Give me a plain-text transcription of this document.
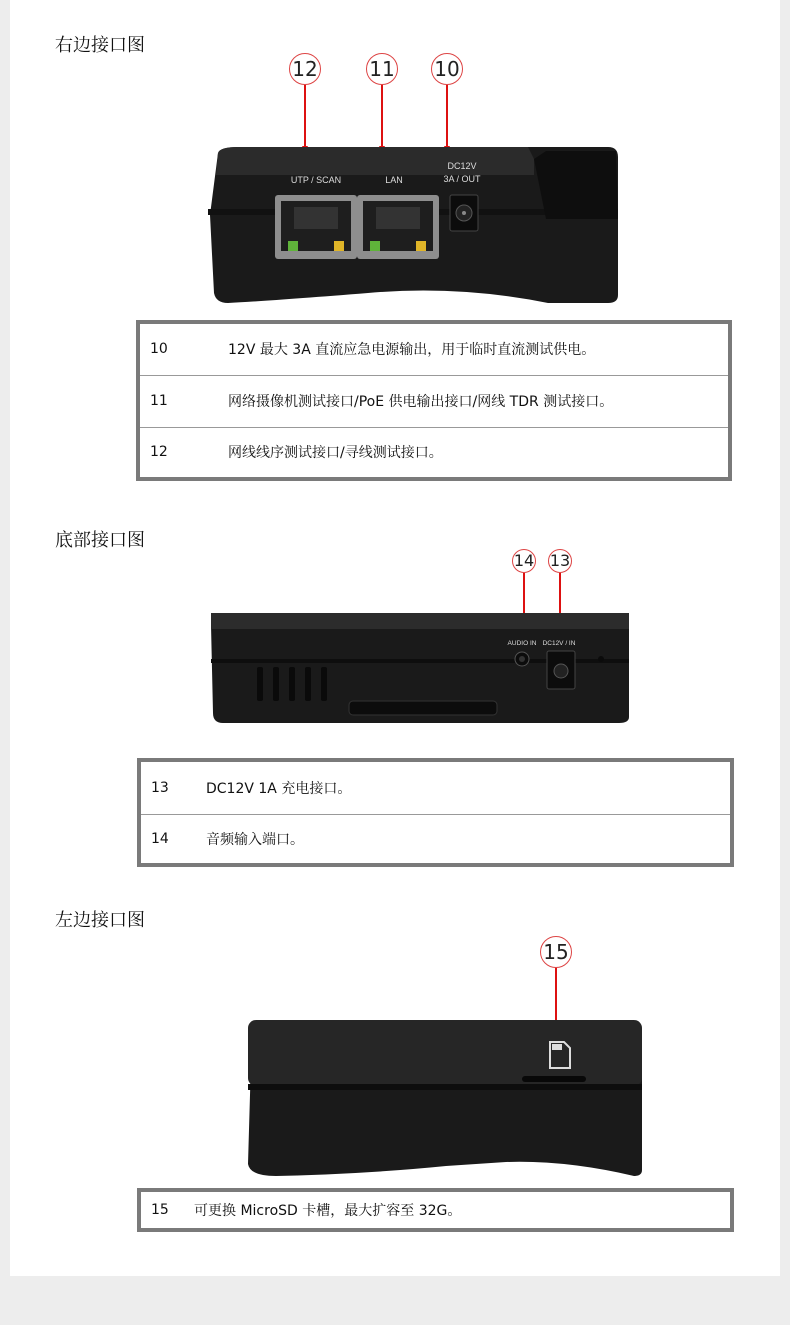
右边接口图
12	11 10
UTP / SCAN	LAN
DC12V
3A / OUT
10	12V 最大 3A 直流应急电源输出，用于临时直流测试供电。
11	网络摄像机测试接口/PoE 供电输出接口/网线 TDR 测试接口。
12	网线线序测试接口/寻线测试接口。
底部接口图
14 13
AUDIO IN DC12V / IN
13	DC12V 1A 充电接口。
14	音频输入端口。
左边接口图
15
15	可更换 MicroSD 卡槽，最大扩容至 32G。
